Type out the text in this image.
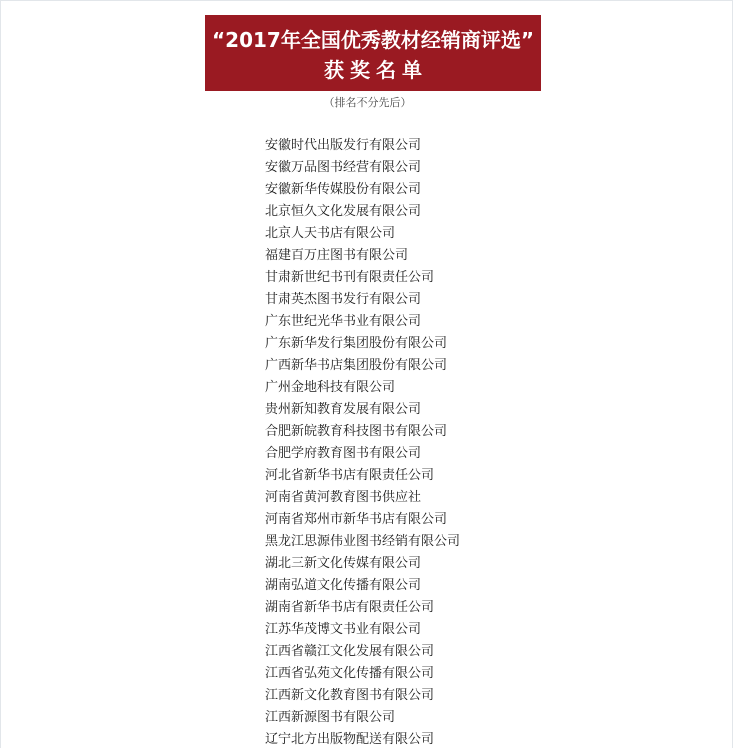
“2017年全国优秀教材经销商评选”
获奖名单
（排名不分先后）
安徽时代出版发行有限公司
安徽万品图书经营有限公司
安徽新华传媒股份有限公司
北京恒久文化发展有限公司
北京人天书店有限公司
福建百万庄图书有限公司
甘肃新世纪书刊有限责任公司
甘肃英杰图书发行有限公司
广东世纪光华书业有限公司
广东新华发行集团股份有限公司
广西新华书店集团股份有限公司
广州金地科技有限公司
贵州新知教育发展有限公司
合肥新皖教育科技图书有限公司
合肥学府教育图书有限公司
河北省新华书店有限责任公司
河南省黄河教育图书供应社
河南省郑州市新华书店有限公司
黑龙江思源伟业图书经销有限公司
湖北三新文化传媒有限公司
湖南弘道文化传播有限公司
湖南省新华书店有限责任公司
江苏华茂博文书业有限公司
江西省赣江文化发展有限公司
江西省弘苑文化传播有限公司
江西新文化教育图书有限公司
江西新源图书有限公司
辽宁北方出版物配送有限公司
